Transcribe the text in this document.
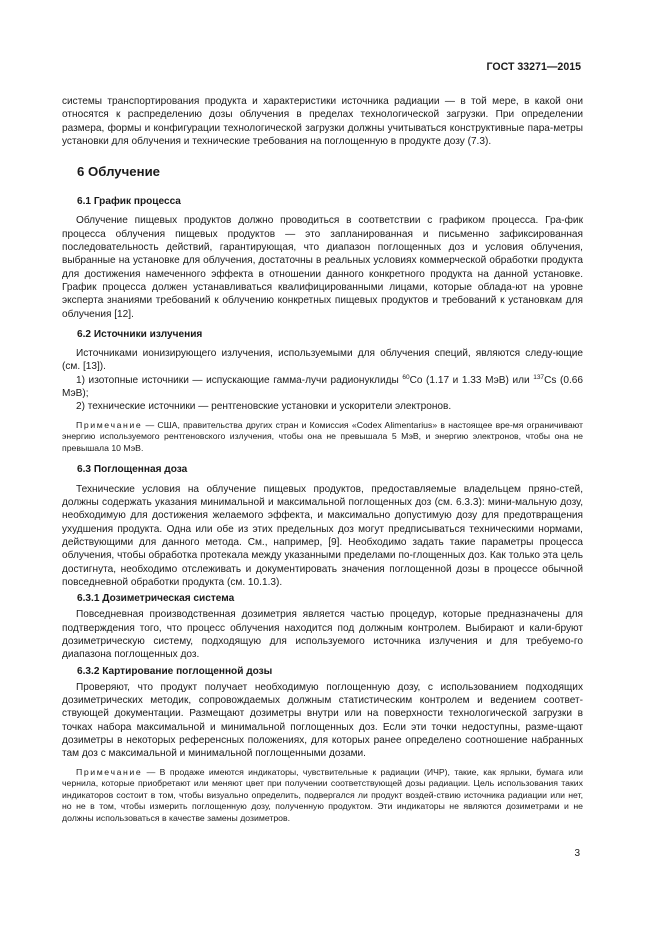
ГОСТ 33271—2015

системы транспортирования продукта и характеристики источника радиации — в той мере, в какой они относятся к распределению дозы облучения в пределах технологической загрузки. При определении размера, формы и конфигурации технологической загрузки должны учитываться конструктивные пара-метры установки для облучения и технические требования на поглощенную в продукте дозу (7.3).

6 Облучение
6.1 График процесса

Облучение пищевых продуктов должно проводиться в соответствии с графиком процесса. Гра-фик процесса облучения пищевых продуктов — это запланированная и письменно зафиксированная последовательность действий, гарантирующая, что диапазон поглощенных доз и условия облучения, выбранные на установке для облучения, достаточны в реальных условиях коммерческой обработки продукта для достижения намеченного эффекта в отношении данного конкретного продукта на данной установке. График процесса должен устанавливаться квалифицированными лицами, которые облада-ют на уровне эксперта знаниями требований к облучению конкретных пищевых продуктов и требований к установкам для облучения [12].

6.2 Источники излучения

Источниками ионизирующего излучения, используемыми для облучения специй, являются следу-ющие (см. [13]).

1) изотопные источники — испускающие гамма-лучи радионуклиды $^{60}$Co (1.17 и 1.33 МэВ) или $^{137}$Cs (0.66 МэВ);

2) технические источники — рентгеновские установки и ускорители электронов.

Примечание — США, правительства других стран и Комиссия «Codex Alimentarius» в настоящее вре-мя ограничивают энергию используемого рентгеновского излучения, чтобы она не превышала 5 МэВ, и энергию электронов, чтобы она не превышала 10 МэВ.

6.3 Поглощенная доза

Технические условия на облучение пищевых продуктов, предоставляемые владельцем пряно-стей, должны содержать указания минимальной и максимальной поглощенных доз (см. 6.3.3): мини-мальную дозу, необходимую для достижения желаемого эффекта, и максимально допустимую дозу для предотвращения ухудшения продукта. Одна или обе из этих предельных доз могут предписываться техническими нормами, действующими для данного метода. См., например, [9]. Необходимо задать такие параметры процесса облучения, чтобы обработка протекала между указанными пределами по-глощенных доз. Как только эта цель достигнута, необходимо отслеживать и документировать значения поглощенной дозы в процессе обычной повседневной обработки продукта (см. 10.1.3).

6.3.1 Дозиметрическая система

Повседневная производственная дозиметрия является частью процедур, которые предназначены для подтверждения того, что процесс облучения находится под должным контролем. Выбирают и кали-бруют дозиметрическую систему, подходящую для используемого источника излучения и для требуемо-го диапазона поглощенных доз.

6.3.2 Картирование поглощенной дозы

Проверяют, что продукт получает необходимую поглощенную дозу, с использованием подходящих дозиметрических методик, сопровождаемых должным статистическим контролем и ведением соответ-ствующей документации. Размещают дозиметры внутри или на поверхности технологической загрузки в точках набора максимальной и минимальной поглощенных доз. Если эти точки недоступны, разме-щают дозиметры в некоторых референсных положениях, для которых ранее определено соотношение набранных там доз с максимальной и минимальной поглощенными дозами.

Примечание — В продаже имеются индикаторы, чувствительные к радиации (ИЧР), такие, как ярлыки, бумага или чернила, которые приобретают или меняют цвет при получении соответствующей дозы радиации. Цель использования таких индикаторов состоит в том, чтобы визуально определить, подвергался ли продукт воздей-ствию источника радиации или нет, но не в том, чтобы измерить поглощенную дозу, полученную продуктом. Эти индикаторы не являются дозиметрами и не должны использоваться в качестве замены дозиметров.

3
